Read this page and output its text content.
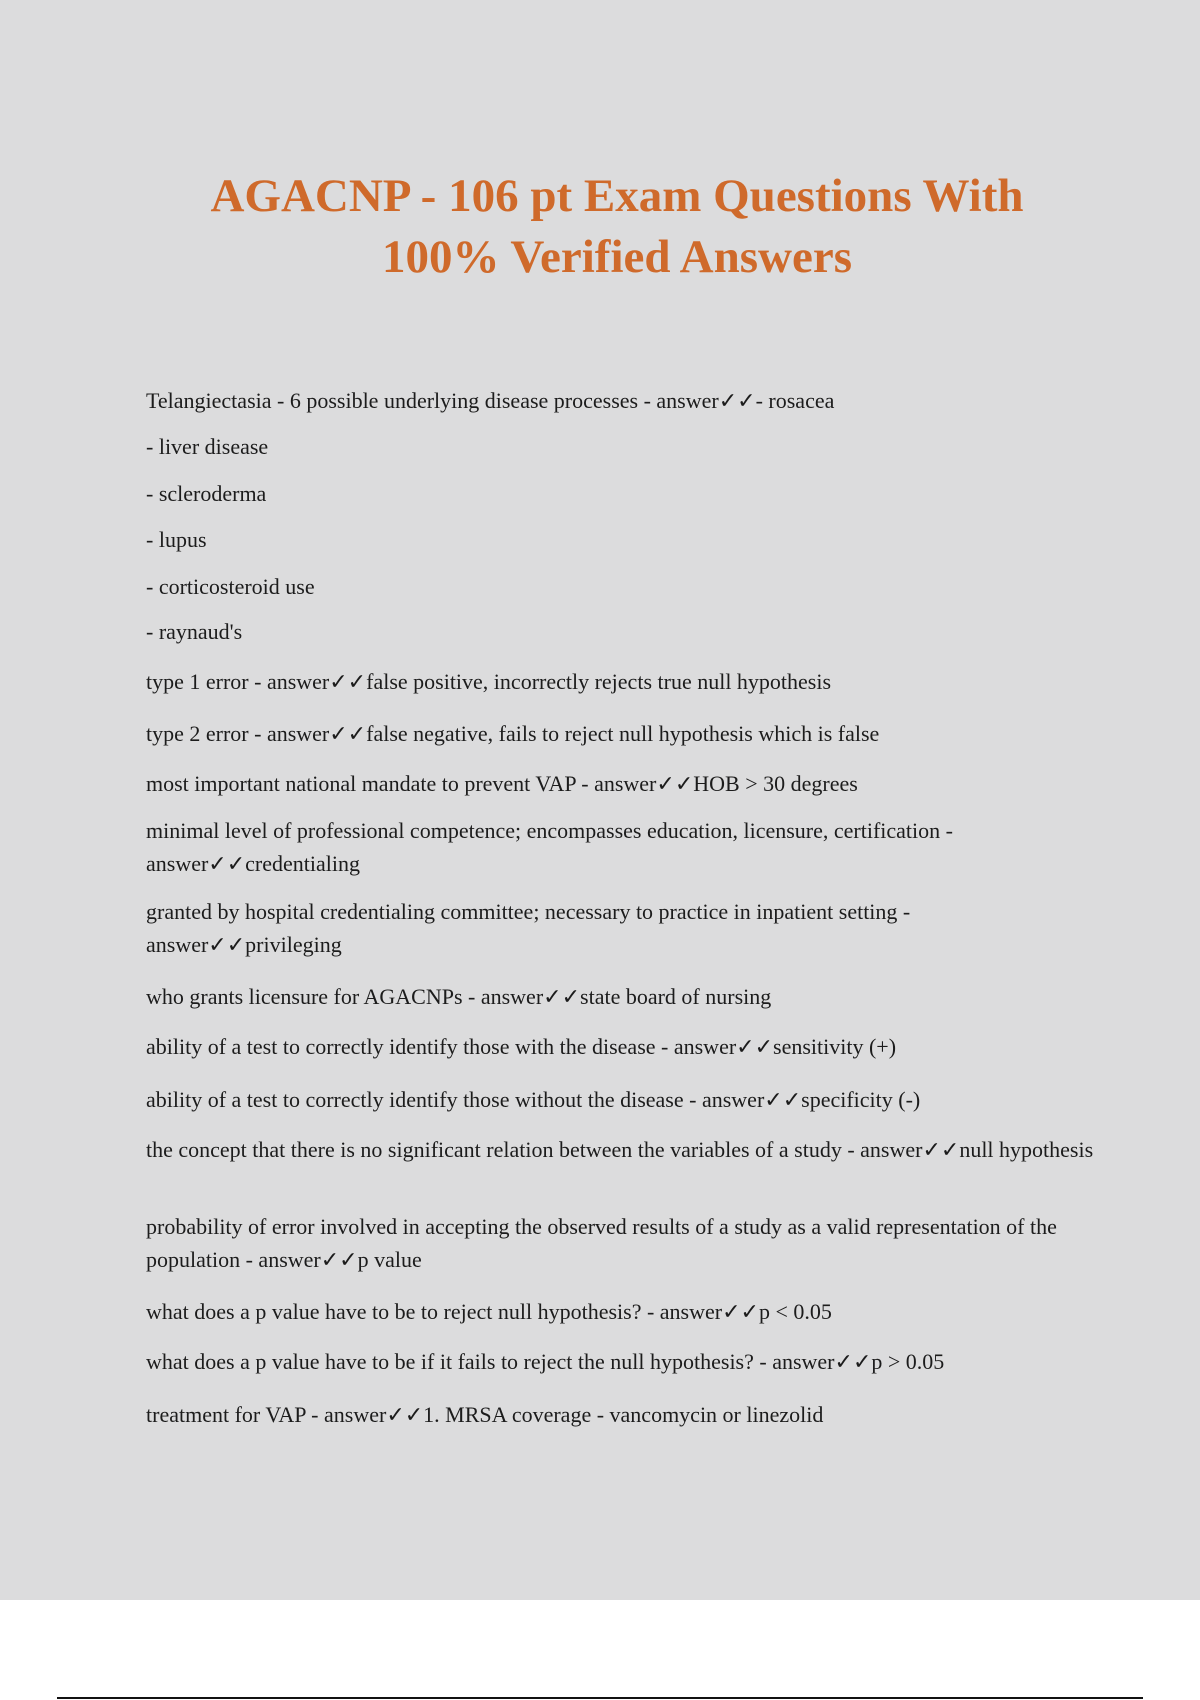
AGACNP - 106 pt Exam Questions With
100% Verified Answers

Telangiectasia - 6 possible underlying disease processes - answer✓✓- rosacea

- liver disease

- scleroderma

- lupus

- corticosteroid use

- raynaud's

type 1 error - answer✓✓false positive, incorrectly rejects true null hypothesis

type 2 error - answer✓✓false negative, fails to reject null hypothesis which is false

most important national mandate to prevent VAP - answer✓✓HOB > 30 degrees

minimal level of professional competence; encompasses education, licensure, certification - answer✓✓credentialing

granted by hospital credentialing committee; necessary to practice in inpatient setting - answer✓✓privileging

who grants licensure for AGACNPs - answer✓✓state board of nursing

ability of a test to correctly identify those with the disease - answer✓✓sensitivity (+)

ability of a test to correctly identify those without the disease - answer✓✓specificity (-)

the concept that there is no significant relation between the variables of a study - answer✓✓null hypothesis

probability of error involved in accepting the observed results of a study as a valid representation of the population - answer✓✓p value

what does a p value have to be to reject null hypothesis? - answer✓✓p < 0.05

what does a p value have to be if it fails to reject the null hypothesis? - answer✓✓p > 0.05

treatment for VAP - answer✓✓1. MRSA coverage - vancomycin or linezolid
